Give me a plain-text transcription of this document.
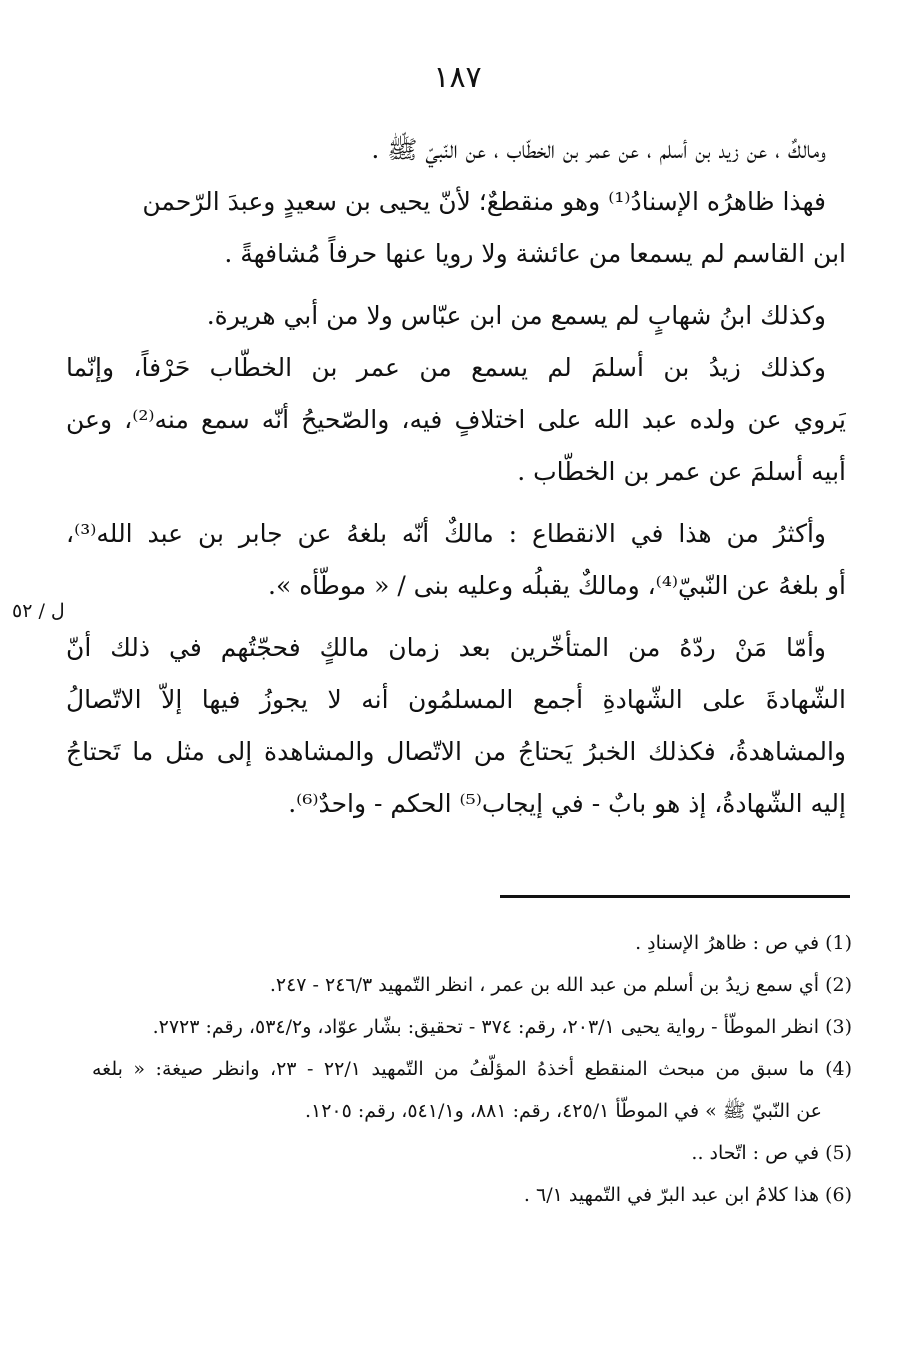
١٨٧
ل / ٥٢
ومالكٌ ، عن زيد بن أسلم ، عن عمر بن الخطّاب ، عن النّبيّ ﷺ .
فهذا ظاهرُه الإسنادُ⁽¹⁾ وهو منقطعٌ؛ لأنّ يحيى بن سعيدٍ وعبدَ الرّحمن
ابن القاسم لم يسمعا من عائشة ولا رويا عنها حرفاً مُشافهةً .
وكذلك ابنُ شهابٍ لم يسمع من ابن عبّاس ولا من أبي هريرة.
وكذلك زيدُ بن أسلمَ لم يسمع من عمر بن الخطّاب حَرْفاً، وإنّما
يَروي عن ولده عبد الله على اختلافٍ فيه، والصّحيحُ أنّه سمع منه⁽²⁾، وعن
أبيه أسلمَ عن عمر بن الخطّاب .
وأكثرُ من هذا في الانقطاع : مالكٌ أنّه بلغهُ عن جابر بن عبد الله⁽³⁾،
أو بلغهُ عن النّبيّ⁽⁴⁾، ومالكٌ يقبلُه وعليه بنى / « موطّأه ».
وأمّا مَنْ ردّهُ من المتأخّرين بعد زمان مالكٍ فحجّتُهم في ذلك أنّ
الشّهادةَ على الشّهادةِ أجمع المسلمُون أنه لا يجوزُ فيها إلاّ الاتّصالُ
والمشاهدةُ، فكذلك الخبرُ يَحتاجُ من الاتّصال والمشاهدة إلى مثل ما تَحتاجُ
إليه الشّهادةُ، إذ هو بابٌ - في إيجاب⁽⁵⁾ الحكم - واحدٌ⁽⁶⁾.
(1) في ص : ظاهرُ الإسنادِ .
(2) أي سمع زيدُ بن أسلم من عبد الله بن عمر ، انظر التّمهيد ٢٤٦/٣ - ٢٤٧.
(3) انظر الموطّأ - رواية يحيى ٢٠٣/١، رقم: ٣٧٤ - تحقيق: بشّار عوّاد، و٥٣٤/٢، رقم: ٢٧٢٣.
(4) ما سبق من مبحث المنقطع أخذهُ المؤلّفُ من التّمهيد ٢٢/١ - ٢٣، وانظر صيغة: « بلغه
عن النّبيّ ﷺ » في الموطّأ ٤٢٥/١، رقم: ٨٨١، و٥٤١/١، رقم: ١٢٠٥.
(5) في ص : اتّحاد ..
(6) هذا كلامُ ابن عبد البرّ في التّمهيد ٦/١ .
